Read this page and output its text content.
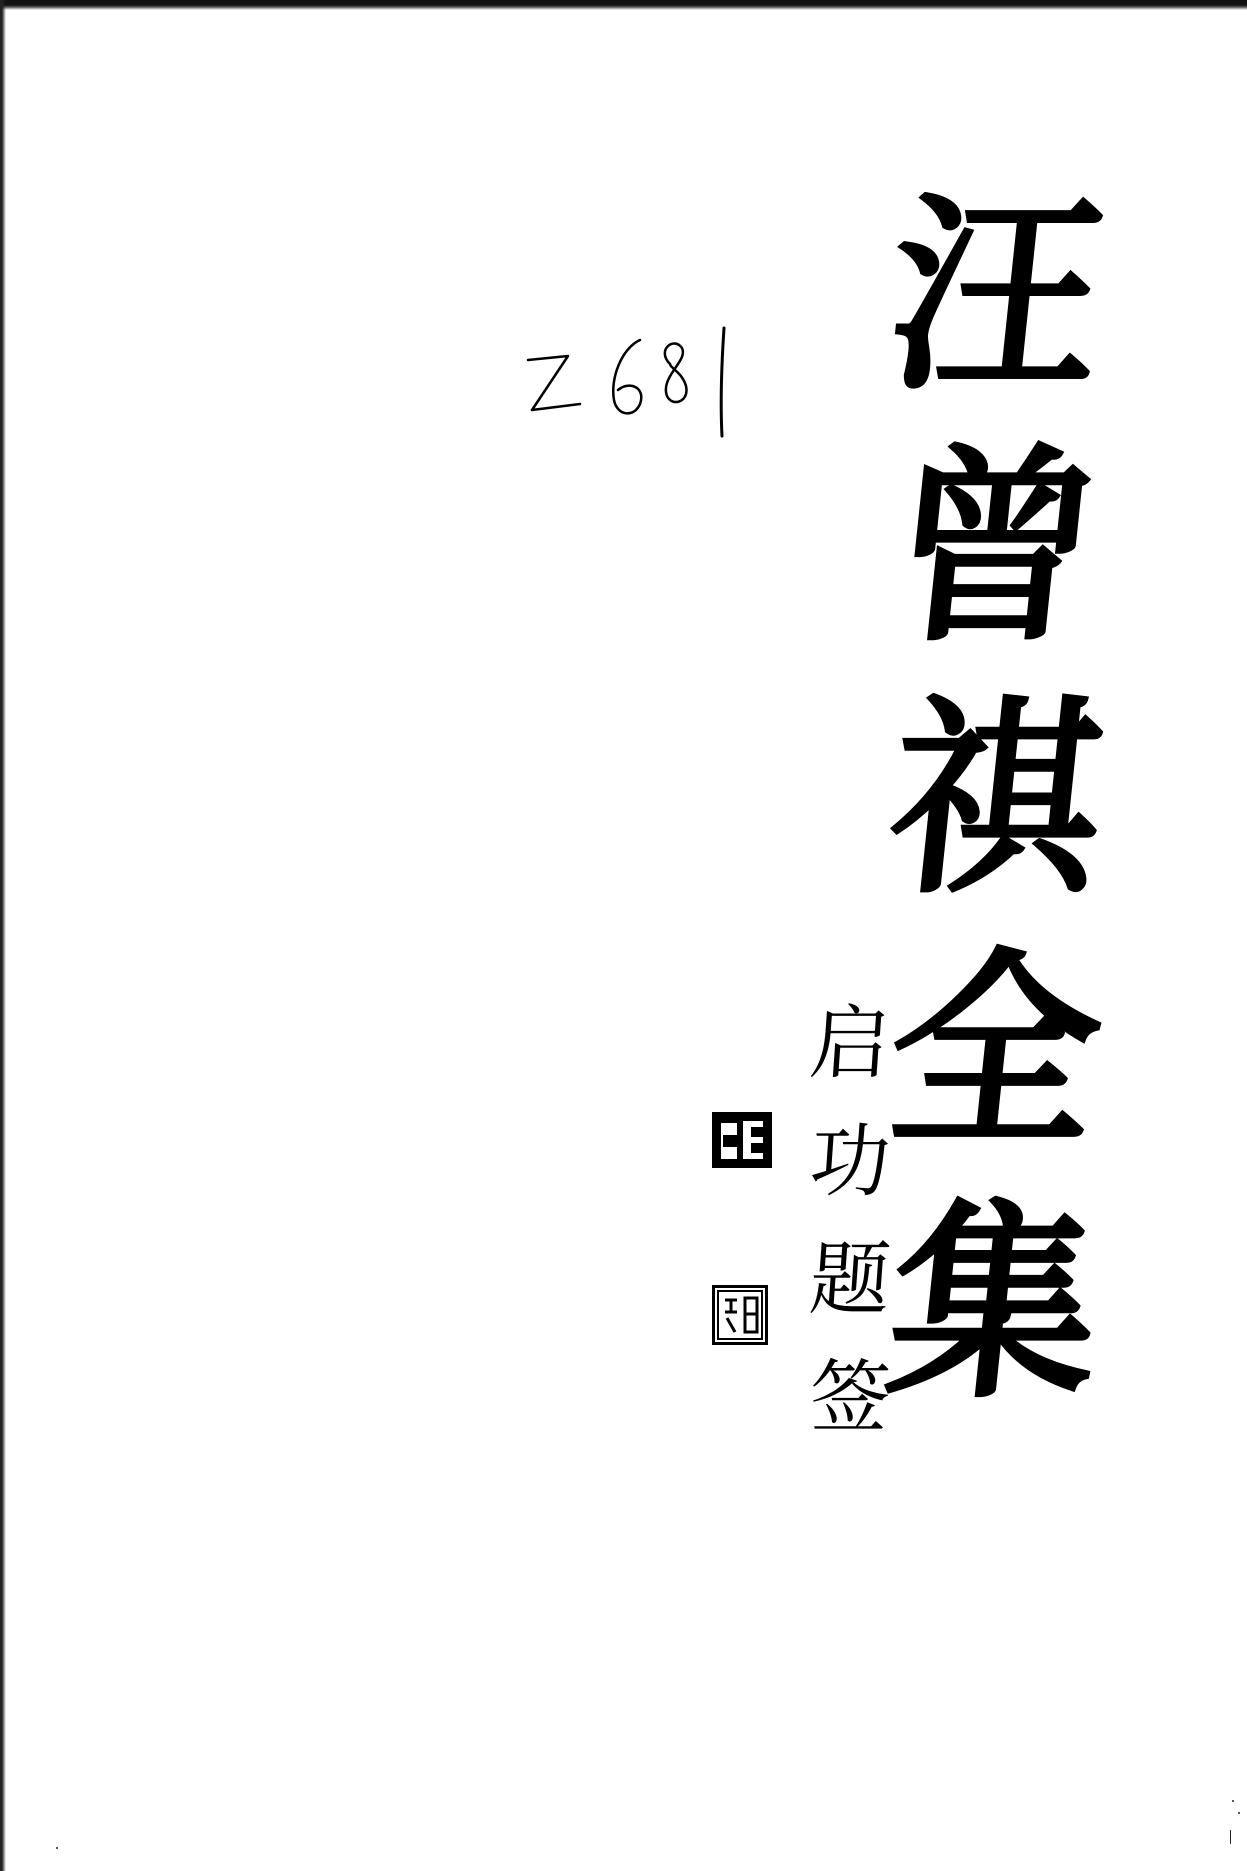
汪
曾
祺
全
集
启
功
题
签
